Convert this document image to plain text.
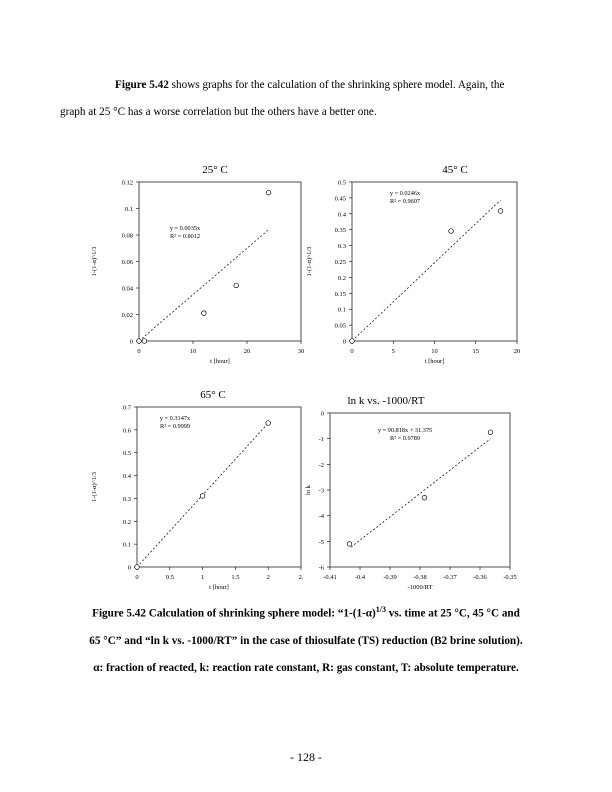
Figure 5.42 shows graphs for the calculation of the shrinking sphere model. Again, the

graph at 25 °C has a worse correlation but the others have a better one.
25° C
0
0.02
0.04
0.06
0.08
0.1
0.12
0	10	20	30
t [hour]
1-(1-α)^1/3
y = 0.0035x
R² = 0.8012
45° C
0
0.05
0.1
0.15
0.2
0.25
0.3
0.35
0.4
0.45
0.5
0	5	10	15	20
t [hour]
1-(1-α)^1/3
y = 0.0246x
R² = 0.9607
65° C
0
0.1
0.2
0.3
0.4
0.5
0.6
0.7
0	0.5	1	1.5	2	2.
t [hour]
1-(1-α)^1/3
y = 0.3147x
R² = 0.9999
ln k vs. -1000/RT
-6
-5
-4
-3
-2
-1
0
-0.41	-0.4	-0.39	-0.38	-0.37	-0.36	-0.35
-1000/RT
ln k
y = 90.818x + 31.375
R² = 0.9789
Figure 5.42 Calculation of shrinking sphere model: “$1-(1-\alpha)^{1/3}$ vs. time at 25 °C, 45 °C and
65 °C” and “ln k vs. -1000/RT” in the case of thiosulfate (TS) reduction (B2 brine solution).
α: fraction of reacted, k: reaction rate constant, R: gas constant, T: absolute temperature.
- 128 -
